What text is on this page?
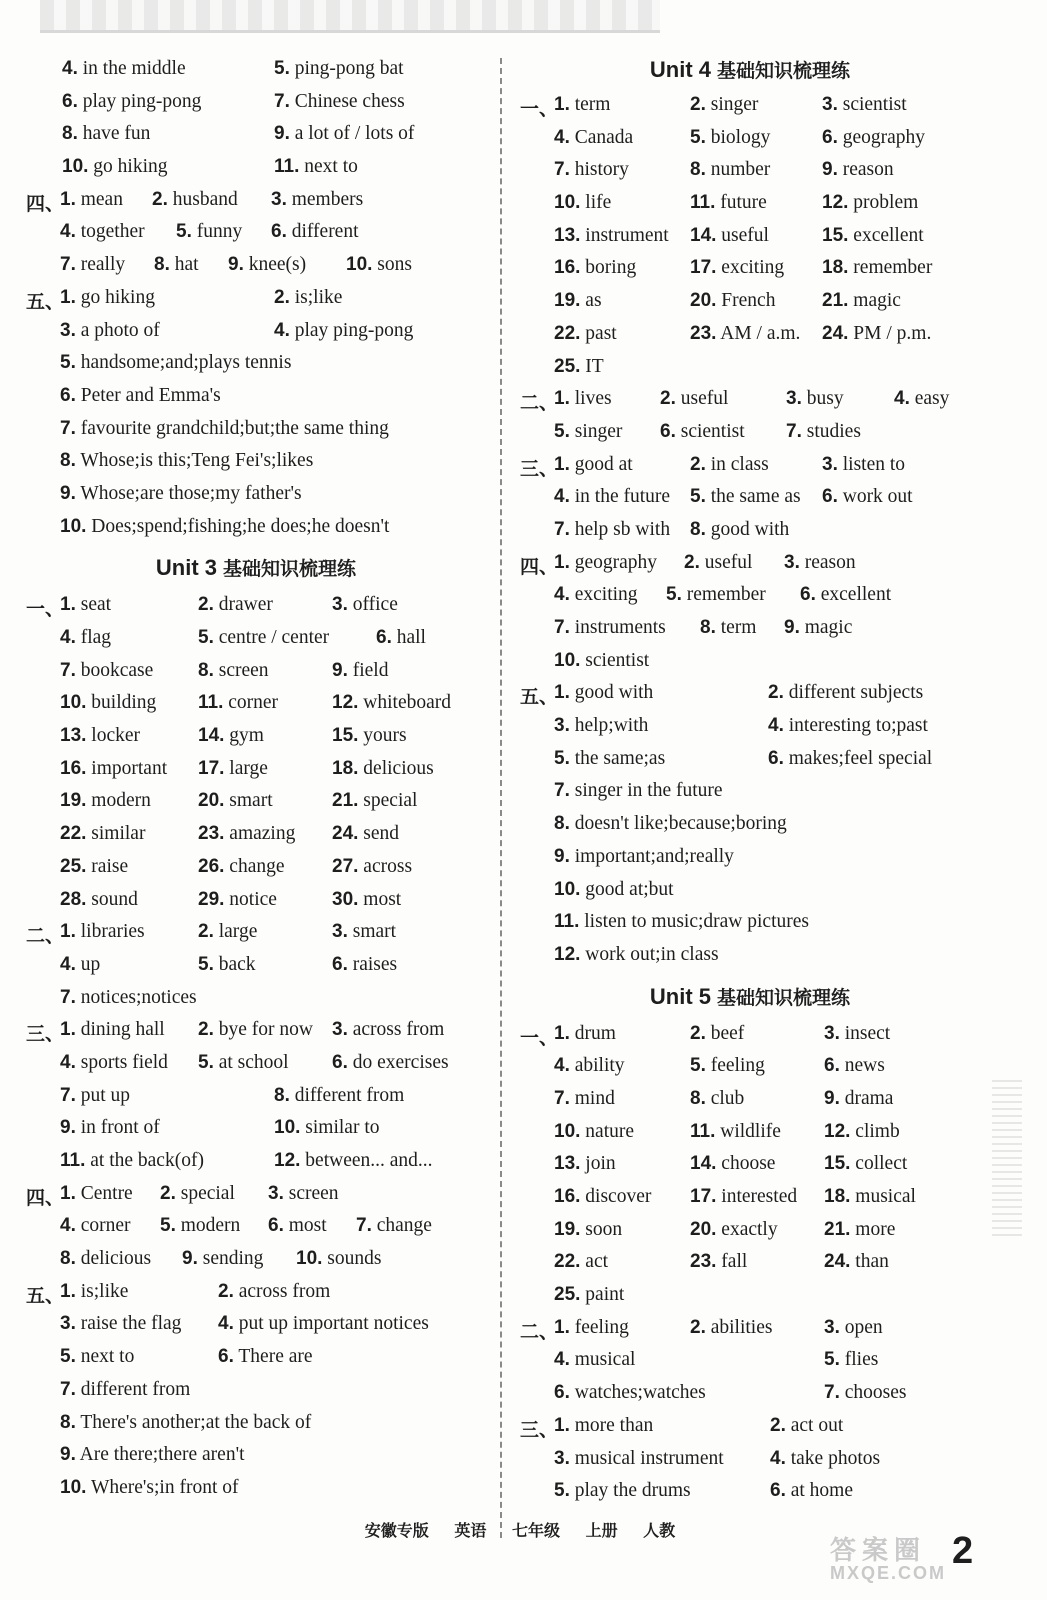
4. in the middle	5. ping-pong bat
6. play ping-pong	7. Chinese chess
8. have fun	9. a lot of / lots of
10. go hiking	11. next to
四、
1. mean 2. husband 3. members
4. together 5. funny 6. different
7. really 8. hat 9. knee(s) 10. sons
五、
1. go hiking	2. is;like
3. a photo of	4. play ping-pong
5. handsome;and;plays tennis
6. Peter and Emma's
7. favourite grandchild;but;the same thing
8. Whose;is this;Teng Fei's;likes
9. Whose;are those;my father's
10. Does;spend;fishing;he does;he doesn't
Unit 3 基础知识梳理练
一、
1. seat	2. drawer	3. office
4. flag	5. centre / center 6. hall
7. bookcase 8. screen	9. field
10. building 11. corner	12. whiteboard
13. locker	14. gym	15. yours
16. important 17. large	18. delicious
19. modern 20. smart	21. special
22. similar	23. amazing 24. send
25. raise	26. change 27. across
28. sound	29. notice	30. most
二、
1. libraries	2. large	3. smart
4. up	5. back	6. raises
7. notices;notices
三、
1. dining hall 2. bye for now 3. across from
4. sports field 5. at school 6. do exercises
7. put up	8. different from
9. in front of	10. similar to
11. at the back(of)	12. between... and...
四、
1. Centre 2. special 3. screen
4. corner 5. modern 6. most 7. change
8. delicious 9. sending 10. sounds
五、
1. is;like	2. across from
3. raise the flag 4. put up important notices
5. next to	6. There are
7. different from
8. There's another;at the back of
9. Are there;there aren't
10. Where's;in front of
Unit 4 基础知识梳理练
一、
1. term	2. singer	3. scientist
4. Canada	5. biology	6. geography
7. history	8. number	9. reason
10. life	11. future	12. problem
13. instrument 14. useful	15. excellent
16. boring	17. exciting 18. remember
19. as	20. French 21. magic
22. past	23. AM / a.m. 24. PM / p.m.
25. IT
二、
1. lives	2. useful	3. busy	4. easy
5. singer 6. scientist 7. studies
三、
1. good at	2. in class	3. listen to
4. in the future 5. the same as 6. work out
7. help sb with 8. good with
四、
1. geography 2. useful 3. reason
4. exciting 5. remember 6. excellent
7. instruments 8. term 9. magic
10. scientist
五、
1. good with	2. different subjects
3. help;with	4. interesting to;past
5. the same;as	6. makes;feel special
7. singer in the future
8. doesn't like;because;boring
9. important;and;really
10. good at;but
11. listen to music;draw pictures
12. work out;in class
Unit 5 基础知识梳理练
一、
1. drum	2. beef	3. insect
4. ability	5. feeling	6. news
7. mind	8. club	9. drama
10. nature	11. wildlife 12. climb
13. join	14. choose	15. collect
16. discover 17. interested 18. musical
19. soon	20. exactly 21. more
22. act	23. fall	24. than
25. paint
二、
1. feeling	2. abilities	3. open
4. musical	5. flies
6. watches;watches	7. chooses
三、
1. more than	2. act out
3. musical instrument 4. take photos
5. play the drums	6. at home
安徽专版 英语 七年级 上册 人教
答案圈
MXQE.COM
2
